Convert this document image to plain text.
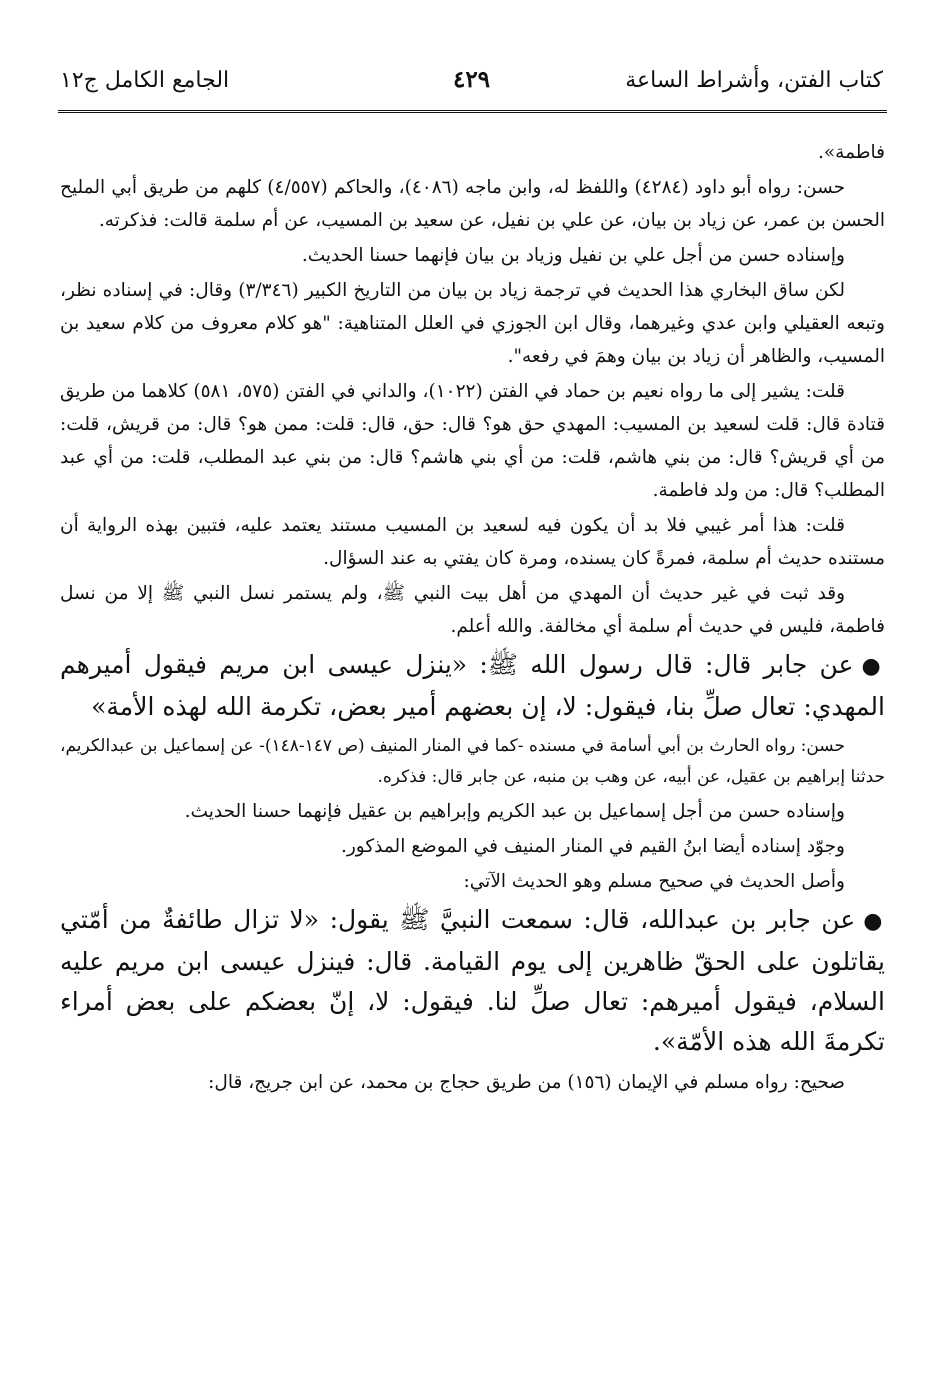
كتاب الفتن، وأشراط الساعة
٤٢٩
الجامع الكامل ج١٢

فاطمة».

حسن: رواه أبو داود (٤٢٨٤) واللفظ له، وابن ماجه (٤٠٨٦)، والحاكم (٤/٥٥٧) كلهم من طريق أبي المليح الحسن بن عمر، عن زياد بن بيان، عن علي بن نفيل، عن سعيد بن المسيب، عن أم سلمة قالت: فذكرته.

وإسناده حسن من أجل علي بن نفيل وزياد بن بيان فإنهما حسنا الحديث.

لكن ساق البخاري هذا الحديث في ترجمة زياد بن بيان من التاريخ الكبير (٣/٣٤٦) وقال: في إسناده نظر، وتبعه العقيلي وابن عدي وغيرهما، وقال ابن الجوزي في العلل المتناهية: "هو كلام معروف من كلام سعيد بن المسيب، والظاهر أن زياد بن بيان وهمَ في رفعه".

قلت: يشير إلى ما رواه نعيم بن حماد في الفتن (١٠٢٢)، والداني في الفتن (٥٧٥، ٥٨١) كلاهما من طريق قتادة قال: قلت لسعيد بن المسيب: المهدي حق هو؟ قال: حق، قال: قلت: ممن هو؟ قال: من قريش، قلت: من أي قريش؟ قال: من بني هاشم، قلت: من أي بني هاشم؟ قال: من بني عبد المطلب، قلت: من أي عبد المطلب؟ قال: من ولد فاطمة.

قلت: هذا أمر غيبي فلا بد أن يكون فيه لسعيد بن المسيب مستند يعتمد عليه، فتبين بهذه الرواية أن مستنده حديث أم سلمة، فمرةً كان يسنده، ومرة كان يفتي به عند السؤال.

وقد ثبت في غير حديث أن المهدي من أهل بيت النبي ﷺ، ولم يستمر نسل النبي ﷺ إلا من نسل فاطمة، فليس في حديث أم سلمة أي مخالفة. والله أعلم.

●عن جابر قال: قال رسول الله ﷺ: «ينزل عيسى ابن مريم فيقول أميرهم المهدي: تعال صلِّ بنا، فيقول: لا، إن بعضهم أمير بعض، تكرمة الله لهذه الأمة»

حسن: رواه الحارث بن أبي أسامة في مسنده -كما في المنار المنيف (ص ١٤٧-١٤٨)- عن إسماعيل بن عبدالكريم، حدثنا إبراهيم بن عقيل، عن أبيه، عن وهب بن منبه، عن جابر قال: فذكره.

وإسناده حسن من أجل إسماعيل بن عبد الكريم وإبراهيم بن عقيل فإنهما حسنا الحديث.

وجوّد إسناده أيضا ابنُ القيم في المنار المنيف في الموضع المذكور.

وأصل الحديث في صحيح مسلم وهو الحديث الآتي:

●عن جابر بن عبدالله، قال: سمعت النبيَّ ﷺ يقول: «لا تزال طائفةٌ من أمّتي يقاتلون على الحقّ ظاهرين إلى يوم القيامة. قال: فينزل عيسى ابن مريم عليه السلام، فيقول أميرهم: تعال صلِّ لنا. فيقول: لا، إنّ بعضكم على بعض أمراء تكرمةَ الله هذه الأمّة».

صحيح: رواه مسلم في الإيمان (١٥٦) من طريق حجاج بن محمد، عن ابن جريج، قال:
